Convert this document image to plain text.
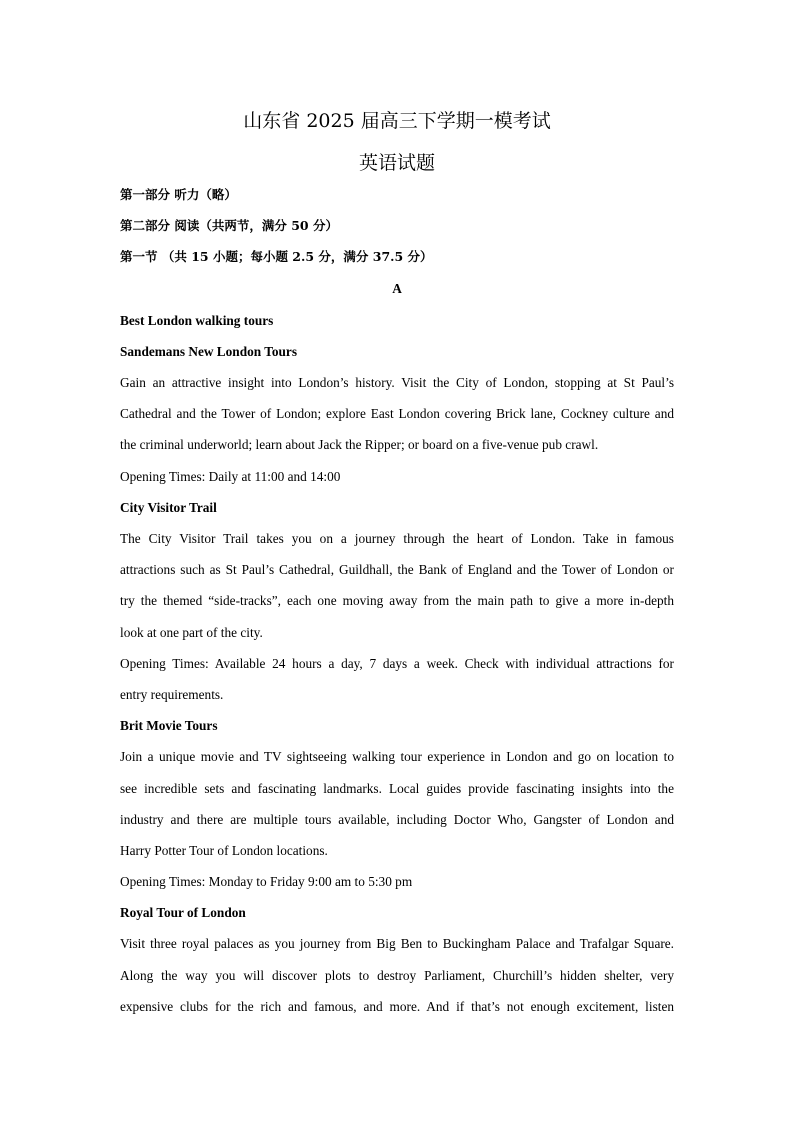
山东省 2025 届高三下学期一模考试
英语试题
第一部分 听力（略）
第二部分 阅读（共两节，满分 50 分）
第一节 （共 15 小题；每小题 2.5 分，满分 37.5 分）
A
Best London walking tours
Sandemans New London Tours
Gain an attractive insight into London’s history. Visit the City of London, stopping at St Paul’s
Cathedral and the Tower of London; explore East London covering Brick lane, Cockney culture and
the criminal underworld; learn about Jack the Ripper; or board on a five-venue pub crawl.
Opening Times: Daily at 11:00 and 14:00
City Visitor Trail
The City Visitor Trail takes you on a journey through the heart of London. Take in famous
attractions such as St Paul’s Cathedral, Guildhall, the Bank of England and the Tower of London or
try the themed “side-tracks”, each one moving away from the main path to give a more in-depth
look at one part of the city.
Opening Times: Available 24 hours a day, 7 days a week. Check with individual attractions for
entry requirements.
Brit Movie Tours
Join a unique movie and TV sightseeing walking tour experience in London and go on location to
see incredible sets and fascinating landmarks. Local guides provide fascinating insights into the
industry and there are multiple tours available, including Doctor Who, Gangster of London and
Harry Potter Tour of London locations.
Opening Times: Monday to Friday 9:00 am to 5:30 pm
Royal Tour of London
Visit three royal palaces as you journey from Big Ben to Buckingham Palace and Trafalgar Square.
Along the way you will discover plots to destroy Parliament, Churchill’s hidden shelter, very
expensive clubs for the rich and famous, and more. And if that’s not enough excitement, listen
